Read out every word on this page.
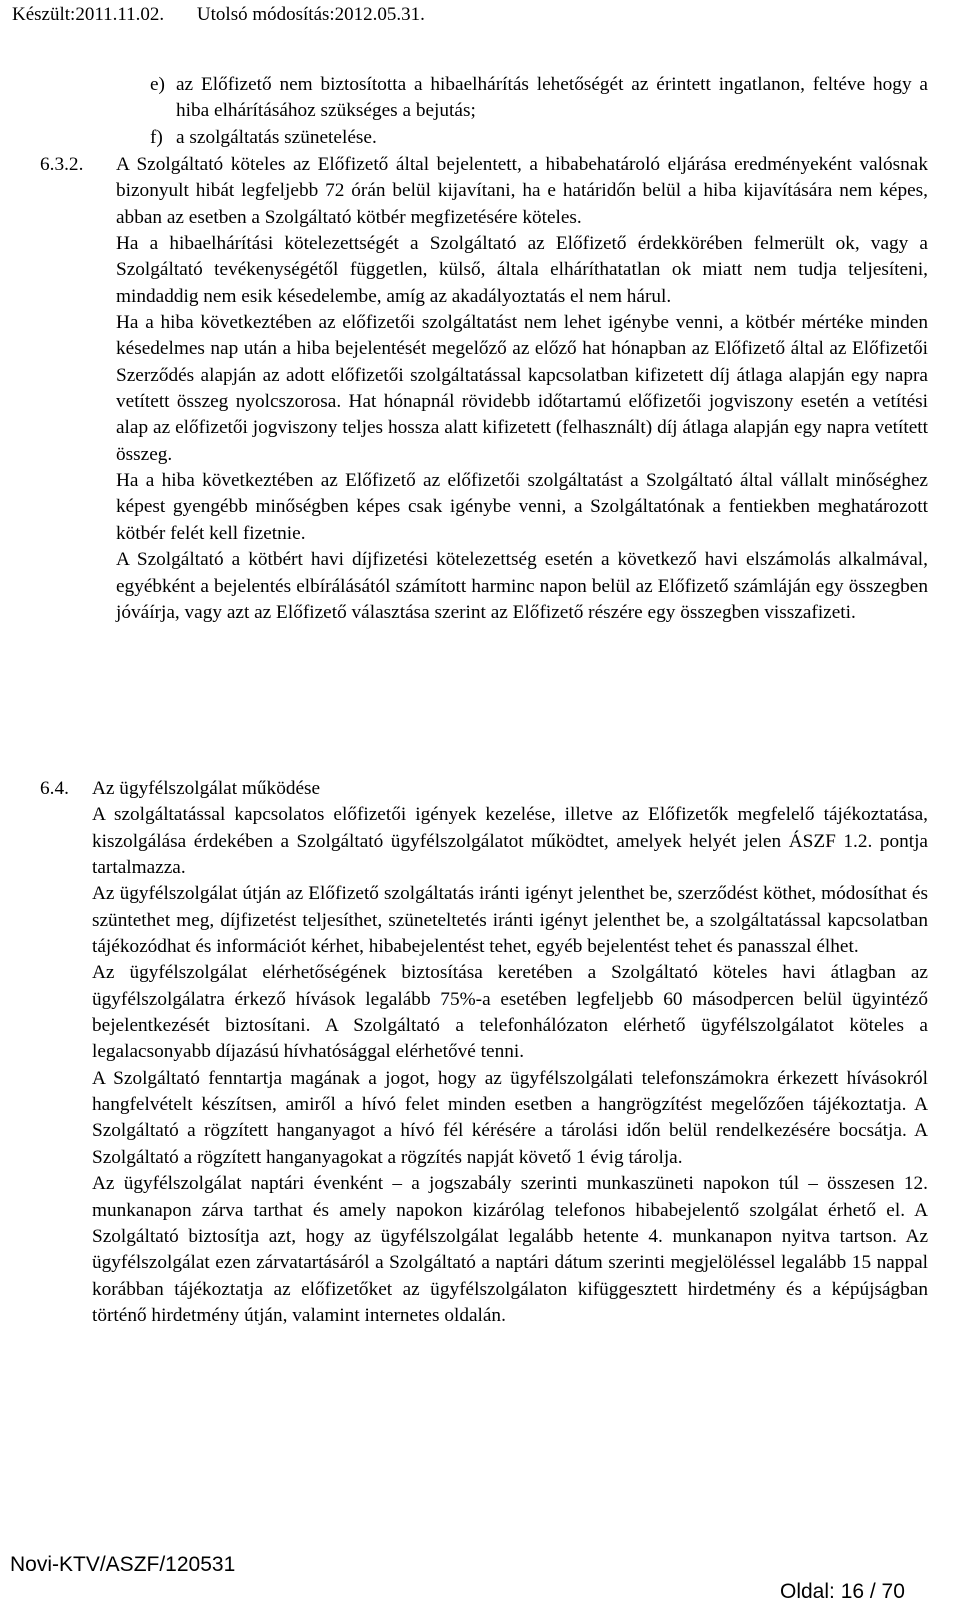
Készült:2011.11.02. Utolsó módosítás:2012.05.31.
e) az Előfizető nem biztosította a hibaelhárítás lehetőségét az érintett ingatlanon, feltéve hogy a hiba elhárításához szükséges a bejutás;
f) a szolgáltatás szünetelése.
6.3.2. A Szolgáltató köteles az Előfizető által bejelentett, a hibabehatároló eljárása eredményeként valósnak bizonyult hibát legfeljebb 72 órán belül kijavítani, ha e határidőn belül a hiba kijavítására nem képes, abban az esetben a Szolgáltató kötbér megfizetésére köteles.

Ha a hibaelhárítási kötelezettségét a Szolgáltató az Előfizető érdekkörében felmerült ok, vagy a Szolgáltató tevékenységétől független, külső, általa elháríthatatlan ok miatt nem tudja teljesíteni, mindaddig nem esik késedelembe, amíg az akadályoztatás el nem hárul.

Ha a hiba következtében az előfizetői szolgáltatást nem lehet igénybe venni, a kötbér mértéke minden késedelmes nap után a hiba bejelentését megelőző az előző hat hónapban az Előfizető által az Előfizetői Szerződés alapján az adott előfizetői szolgáltatással kapcsolatban kifizetett díj átlaga alapján egy napra vetített összeg nyolcszorosa. Hat hónapnál rövidebb időtartamú előfizetői jogviszony esetén a vetítési alap az előfizetői jogviszony teljes hossza alatt kifizetett (felhasznált) díj átlaga alapján egy napra vetített összeg.

Ha a hiba következtében az Előfizető az előfizetői szolgáltatást a Szolgáltató által vállalt minőséghez képest gyengébb minőségben képes csak igénybe venni, a Szolgáltatónak a fentiekben meghatározott kötbér felét kell fizetnie.

A Szolgáltató a kötbért havi díjfizetési kötelezettség esetén a következő havi elszámolás alkalmával, egyébként a bejelentés elbírálásától számított harminc napon belül az Előfizető számláján egy összegben jóváírja, vagy azt az Előfizető választása szerint az Előfizető részére egy összegben visszafizeti.

6.4. Az ügyfélszolgálat működése

A szolgáltatással kapcsolatos előfizetői igények kezelése, illetve az Előfizetők megfelelő tájékoztatása, kiszolgálása érdekében a Szolgáltató ügyfélszolgálatot működtet, amelyek helyét jelen ÁSZF 1.2. pontja tartalmazza.

Az ügyfélszolgálat útján az Előfizető szolgáltatás iránti igényt jelenthet be, szerződést köthet, módosíthat és szüntethet meg, díjfizetést teljesíthet, szüneteltetés iránti igényt jelenthet be, a szolgáltatással kapcsolatban tájékozódhat és információt kérhet, hibabejelentést tehet, egyéb bejelentést tehet és panasszal élhet.

Az ügyfélszolgálat elérhetőségének biztosítása keretében a Szolgáltató köteles havi átlagban az ügyfélszolgálatra érkező hívások legalább 75%-a esetében legfeljebb 60 másodpercen belül ügyintéző bejelentkezését biztosítani. A Szolgáltató a telefonhálózaton elérhető ügyfélszolgálatot köteles a legalacsonyabb díjazású hívhatósággal elérhetővé tenni.

A Szolgáltató fenntartja magának a jogot, hogy az ügyfélszolgálati telefonszámokra érkezett hívásokról hangfelvételt készítsen, amiről a hívó felet minden esetben a hangrögzítést megelőzően tájékoztatja. A Szolgáltató a rögzített hanganyagot a hívó fél kérésére a tárolási időn belül rendelkezésére bocsátja. A Szolgáltató a rögzített hanganyagokat a rögzítés napját követő 1 évig tárolja.

Az ügyfélszolgálat naptári évenként – a jogszabály szerinti munkaszüneti napokon túl – összesen 12. munkanapon zárva tarthat és amely napokon kizárólag telefonos hibabejelentő szolgálat érhető el. A Szolgáltató biztosítja azt, hogy az ügyfélszolgálat legalább hetente 4. munkanapon nyitva tartson. Az ügyfélszolgálat ezen zárvatartásáról a Szolgáltató a naptári dátum szerinti megjelöléssel legalább 15 nappal korábban tájékoztatja az előfizetőket az ügyfélszolgálaton kifüggesztett hirdetmény és a képújságban történő hirdetmény útján, valamint internetes oldalán.

Novi-KTV/ASZF/120531
Oldal: 16 / 70
